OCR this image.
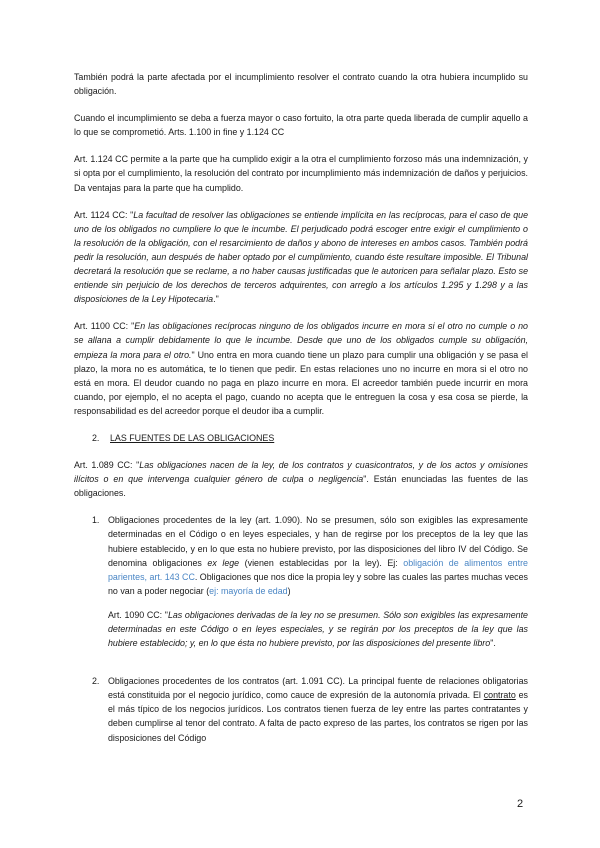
También podrá la parte afectada por el incumplimiento resolver el contrato cuando la otra hubiera incumplido su obligación.

Cuando el incumplimiento se deba a fuerza mayor o caso fortuito, la otra parte queda liberada de cumplir aquello a lo que se comprometió. Arts. 1.100 in fine y 1.124 CC

Art. 1.124 CC permite a la parte que ha cumplido exigir a la otra el cumplimiento forzoso más una indemnización, y si opta por el cumplimiento, la resolución del contrato por incumplimiento más indemnización de daños y perjuicios. Da ventajas para la parte que ha cumplido.

Art. 1124 CC: "La facultad de resolver las obligaciones se entiende implícita en las recíprocas, para el caso de que uno de los obligados no cumpliere lo que le incumbe. El perjudicado podrá escoger entre exigir el cumplimiento o la resolución de la obligación, con el resarcimiento de daños y abono de intereses en ambos casos. También podrá pedir la resolución, aun después de haber optado por el cumplimiento, cuando éste resultare imposible. El Tribunal decretará la resolución que se reclame, a no haber causas justificadas que le autoricen para señalar plazo. Esto se entiende sin perjuicio de los derechos de terceros adquirentes, con arreglo a los artículos 1.295 y 1.298 y a las disposiciones de la Ley Hipotecaria."

Art. 1100 CC: "En las obligaciones recíprocas ninguno de los obligados incurre en mora si el otro no cumple o no se allana a cumplir debidamente lo que le incumbe. Desde que uno de los obligados cumple su obligación, empieza la mora para el otro." Uno entra en mora cuando tiene un plazo para cumplir una obligación y se pasa el plazo, la mora no es automática, te lo tienen que pedir. En estas relaciones uno no incurre en mora si el otro no está en mora. El deudor cuando no paga en plazo incurre en mora. El acreedor también puede incurrir en mora cuando, por ejemplo, el no acepta el pago, cuando no acepta que le entreguen la cosa y esa cosa se pierde, la responsabilidad es del acreedor porque el deudor iba a cumplir.

2.	LAS FUENTES DE LAS OBLIGACIONES

Art. 1.089 CC: "Las obligaciones nacen de la ley, de los contratos y cuasicontratos, y de los actos y omisiones ilícitos o en que intervenga cualquier género de culpa o negligencia". Están enunciadas las fuentes de las obligaciones.

1. Obligaciones procedentes de la ley (art. 1.090). No se presumen, sólo son exigibles las expresamente determinadas en el Código o en leyes especiales, y han de regirse por los preceptos de la ley que las hubiere establecido, y en lo que esta no hubiere previsto, por las disposiciones del libro IV del Código. Se denomina obligaciones ex lege (vienen establecidas por la ley). Ej: obligación de alimentos entre parientes, art. 143 CC. Obligaciones que nos dice la propia ley y sobre las cuales las partes muchas veces no van a poder negociar (ej: mayoría de edad)

Art. 1090 CC: "Las obligaciones derivadas de la ley no se presumen. Sólo son exigibles las expresamente determinadas en este Código o en leyes especiales, y se regirán por los preceptos de la ley que las hubiere establecido; y, en lo que ésta no hubiere previsto, por las disposiciones del presente libro".

2. Obligaciones procedentes de los contratos (art. 1.091 CC). La principal fuente de relaciones obligatorias está constituida por el negocio jurídico, como cauce de expresión de la autonomía privada. El contrato es el más típico de los negocios jurídicos. Los contratos tienen fuerza de ley entre las partes contratantes y deben cumplirse al tenor del contrato. A falta de pacto expreso de las partes, los contratos se rigen por las disposiciones del Código

2
